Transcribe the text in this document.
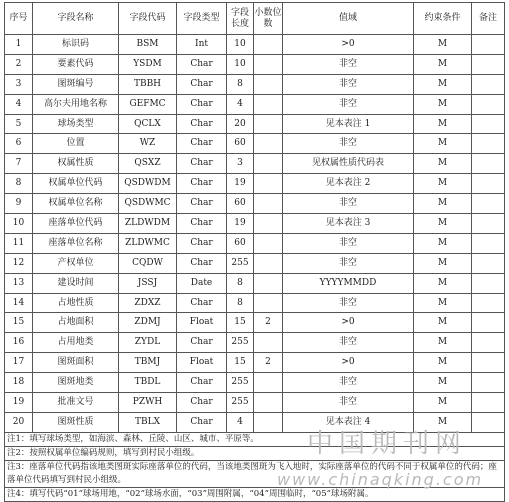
序号	字段名称	字段代码	字段类型	字段长度	小数位数	值域	约束条件	备注
1	标识码	BSM	Int	10		>0	M	
2	要素代码	YSDM	Char	10		非空	M	
3	图斑编号	TBBH	Char	8		非空	M	
4	高尔夫用地名称	GEFMC	Char	4		非空	M	
5	球场类型	QCLX	Char	20		见本表注 1	M	
6	位置	WZ	Char	60		非空	M	
7	权属性质	QSXZ	Char	3		见权属性质代码表	M	
8	权属单位代码	QSDWDM	Char	19		见本表注 2	M	
9	权属单位名称	QSDWMC	Char	60		非空	M	
10	座落单位代码	ZLDWDM	Char	19		见本表注 3	M	
11	座落单位名称	ZLDWMC	Char	60		非空	M	
12	产权单位	CQDW	Char	255		非空	M	
13	建设时间	JSSJ	Date	8		YYYYMMDD	M	
14	占地性质	ZDXZ	Char	8		非空	M	
15	占地面积	ZDMJ	Float	15	2	>0	M	
16	占用地类	ZYDL	Char	255		非空	M	
17	图斑面积	TBMJ	Float	15	2	>0	M	
18	图斑地类	TBDL	Char	255		非空	M	
19	批准文号	PZWH	Char	255		非空	M	
20	图斑性质	TBLX	Char	4		见本表注 4	M	
注1：填写球场类型，如海滨、森林、丘陵、山区、城市、平原等。								
注2：按照权属单位编码规则，填写到村民小组级。								
注3：座落单位代码指该地类图斑实际座落单位的代码，当该地类图斑为飞入地时，实际座落单位的代码不同于权属单位的代码；座落单位代码填写到村民小组级。								
注4：填写代码“01”球场用地，“02”球场水面，“03”周围附属，“04”周围临时，“05”球场附属。								
中国期刊网
www.chinaqking.com
